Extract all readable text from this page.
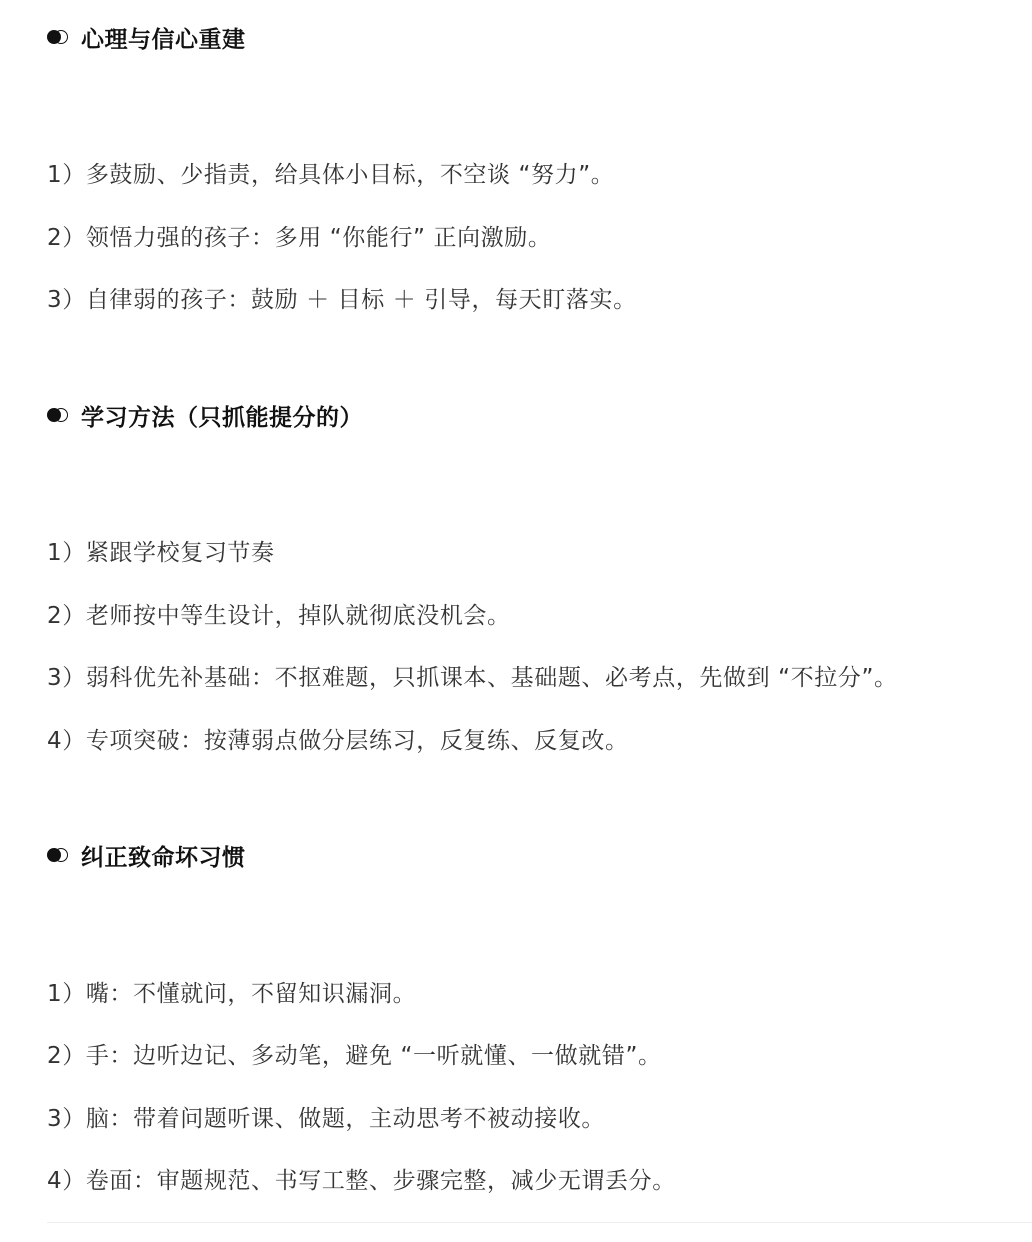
心理与信心重建
1）多鼓励、少指责，给具体小目标，不空谈 “努力”。
2）领悟力强的孩子：多用 “你能行” 正向激励。
3）自律弱的孩子：鼓励 ＋ 目标 ＋ 引导，每天盯落实。
学习方法（只抓能提分的）
1）紧跟学校复习节奏
2）老师按中等生设计，掉队就彻底没机会。
3）弱科优先补基础：不抠难题，只抓课本、基础题、必考点，先做到 “不拉分”。
4）专项突破：按薄弱点做分层练习，反复练、反复改。
纠正致命坏习惯
1）嘴：不懂就问，不留知识漏洞。
2）手：边听边记、多动笔，避免 “一听就懂、一做就错”。
3）脑：带着问题听课、做题，主动思考不被动接收。
4）卷面：审题规范、书写工整、步骤完整，减少无谓丢分。
